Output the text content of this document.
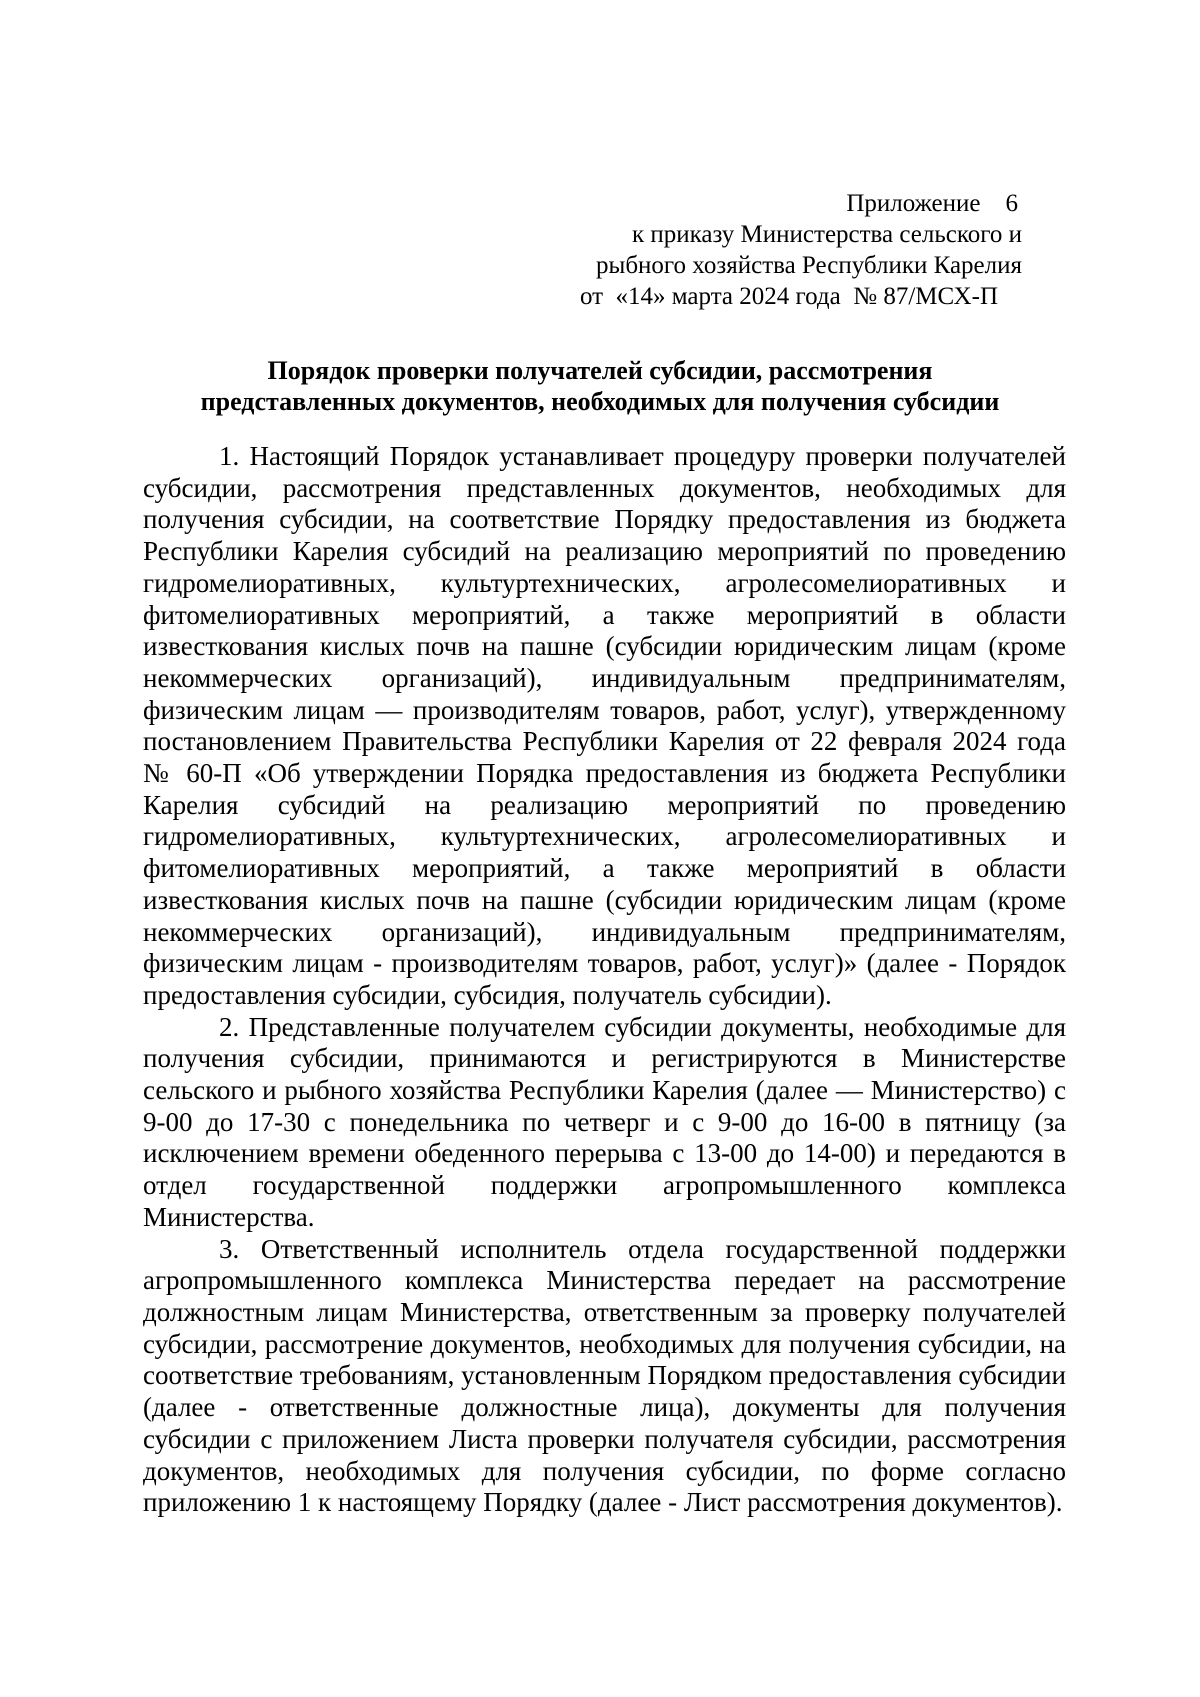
Приложение    6
к приказу Министерства сельского и
рыбного хозяйства Республики Карелия
от  «14» марта 2024 года  № 87/МСХ-П
Порядок проверки получателей субсидии, рассмотрения
представленных документов, необходимых для получения субсидии

1. Настоящий Порядок устанавливает процедуру проверки получателей субсидии, рассмотрения представленных документов, необходимых для получения субсидии, на соответствие Порядку предоставления из бюджета Республики Карелия субсидий на реализацию мероприятий по проведению гидромелиоративных, культуртехнических, агролесомелиоративных и фитомелиоративных мероприятий, а также мероприятий в области известкования кислых почв на пашне (субсидии юридическим лицам (кроме некоммерческих организаций), индивидуальным предпринимателям, физическим лицам — производителям товаров, работ, услуг), утвержденному постановлением Правительства Республики Карелия от 22 февраля 2024 года № 60-П «Об утверждении Порядка предоставления из бюджета Республики Карелия субсидий на реализацию мероприятий по проведению гидромелиоративных, культуртехнических, агролесомелиоративных и фитомелиоративных мероприятий, а также мероприятий в области известкования кислых почв на пашне (субсидии юридическим лицам (кроме некоммерческих организаций), индивидуальным предпринимателям, физическим лицам - производителям товаров, работ, услуг)» (далее - Порядок предоставления субсидии, субсидия, получатель субсидии).

2. Представленные получателем субсидии документы, необходимые для получения субсидии, принимаются и регистрируются в Министерстве сельского и рыбного хозяйства Республики Карелия (далее — Министерство) с 9-00 до 17-30 с понедельника по четверг и с 9-00 до 16-00 в пятницу (за исключением времени обеденного перерыва с 13-00 до 14-00) и передаются в отдел государственной поддержки агропромышленного комплекса Министерства.

3. Ответственный исполнитель отдела государственной поддержки агропромышленного комплекса Министерства передает на рассмотрение должностным лицам Министерства, ответственным за проверку получателей субсидии, рассмотрение документов, необходимых для получения субсидии, на соответствие требованиям, установленным Порядком предоставления субсидии (далее - ответственные должностные лица), документы для получения субсидии с приложением Листа проверки получателя субсидии, рассмотрения документов, необходимых для получения субсидии, по форме согласно приложению 1 к настоящему Порядку (далее - Лист рассмотрения документов).
